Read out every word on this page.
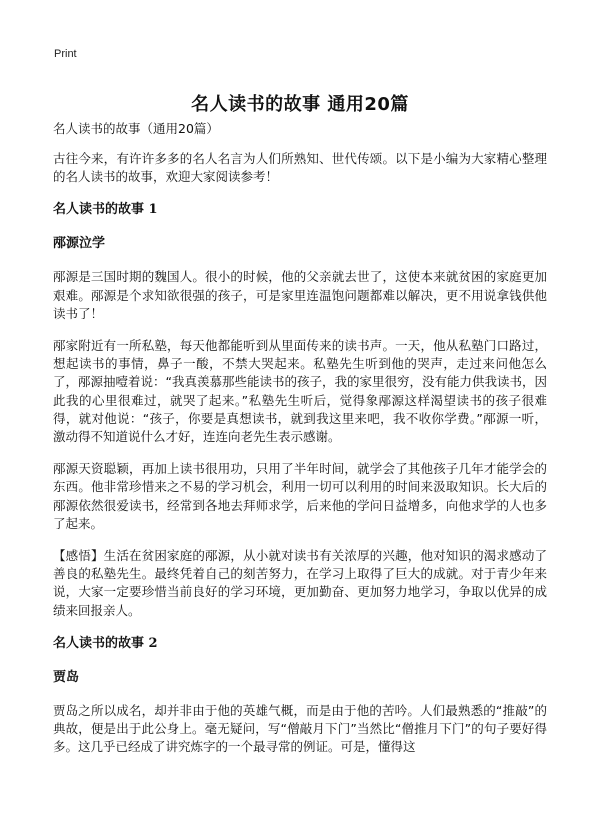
Print
名人读书的故事 通用20篇

名人读书的故事（通用20篇）

古往今来，有许许多多的名人名言为人们所熟知、世代传颂。以下是小编为大家精心整理的名人读书的故事，欢迎大家阅读参考！

名人读书的故事 1
邴源泣学

邴源是三国时期的魏国人。很小的时候，他的父亲就去世了，这使本来就贫困的家庭更加艰难。邴源是个求知欲很强的孩子，可是家里连温饱问题都难以解决，更不用说拿钱供他读书了！

邴家附近有一所私塾，每天他都能听到从里面传来的读书声。一天，他从私塾门口路过，想起读书的事情，鼻子一酸，不禁大哭起来。私塾先生听到他的哭声，走过来问他怎么了，邴源抽噎着说：“我真羡慕那些能读书的孩子，我的家里很穷，没有能力供我读书，因此我的心里很难过，就哭了起来。”私塾先生听后，觉得象邴源这样渴望读书的孩子很难得，就对他说：“孩子，你要是真想读书，就到我这里来吧，我不收你学费。”邴源一听，激动得不知道说什么才好，连连向老先生表示感谢。

邴源天资聪颖，再加上读书很用功，只用了半年时间，就学会了其他孩子几年才能学会的东西。他非常珍惜来之不易的学习机会，利用一切可以利用的时间来汲取知识。长大后的邴源依然很爱读书，经常到各地去拜师求学，后来他的学问日益增多，向他求学的人也多了起来。

【感悟】生活在贫困家庭的邴源，从小就对读书有关浓厚的兴趣，他对知识的渴求感动了善良的私塾先生。最终凭着自己的刻苦努力，在学习上取得了巨大的成就。对于青少年来说，大家一定要珍惜当前良好的学习环境，更加勤奋、更加努力地学习，争取以优异的成绩来回报亲人。

名人读书的故事 2
贾岛

贾岛之所以成名，却并非由于他的英雄气概，而是由于他的苦吟。人们最熟悉的“推敲”的典故，便是出于此公身上。毫无疑问，写“僧敲月下门”当然比“僧推月下门”的句子要好得多。这几乎已经成了讲究炼字的一个最寻常的例证。可是，懂得这
